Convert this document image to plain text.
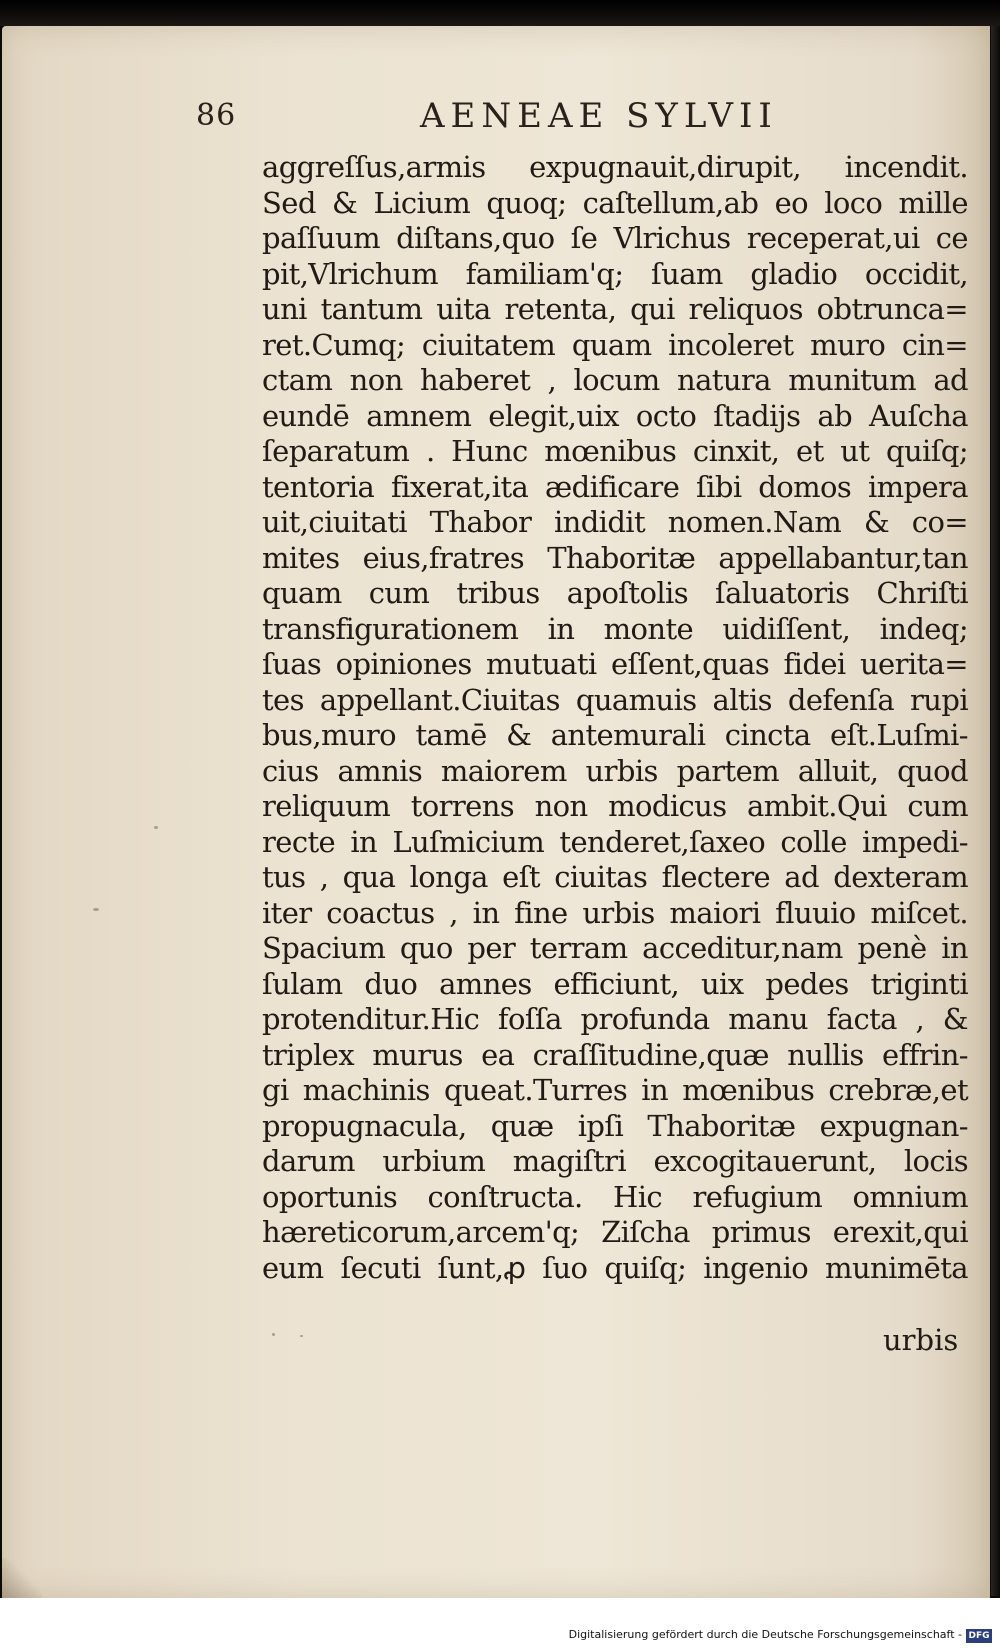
86	AENEAE SYLVII
aggreſſus,armis expugnauit,dirupit, incendit.
Sed & Licium quoq; caſtellum,ab eo loco mille
paſſuum diſtans,quo ſe Vlrichus receperat,ui ce
pit,Vlrichum familiam'q; ſuam gladio occidit,
uni tantum uita retenta, qui reliquos obtrunca=
ret.Cumq; ciuitatem quam incoleret muro cin=
ctam non haberet , locum natura munitum ad
eundē amnem elegit,uix octo ſtadijs ab Auſcha
ſeparatum . Hunc mœnibus cinxit, et ut quiſq;
tentoria fixerat,ita ædificare ſibi domos impera
uit,ciuitati Thabor indidit nomen.Nam & co=
mites eius,fratres Thaboritæ appellabantur,tan
quam cum tribus apoſtolis ſaluatoris Chriſti
transfigurationem in monte uidiſſent, indeq;
ſuas opiniones mutuati eſſent,quas fidei uerita=
tes appellant.Ciuitas quamuis altis defenſa rupi
bus,muro tamē & antemurali cincta eſt.Luſmi-
cius amnis maiorem urbis partem alluit, quod
reliquum torrens non modicus ambit.Qui cum
recte in Luſmicium tenderet,ſaxeo colle impedi-
tus , qua longa eſt ciuitas flectere ad dexteram
iter coactus , in fine urbis maiori fluuio miſcet.
Spacium quo per terram acceditur,nam penè in
ſulam duo amnes efficiunt, uix pedes triginti
protenditur.Hic foſſa profunda manu facta , &
triplex murus ea craſſitudine,quæ nullis effrin-
gi machinis queat.Turres in mœnibus crebræ,et
propugnacula, quæ ipſi Thaboritæ expugnan-
darum urbium magiſtri excogitauerunt, locis
oportunis conſtructa. Hic refugium omnium
hæreticorum,arcem'q; Ziſcha primus erexit,qui
eum ſecuti ſunt,ꝓ ſuo quiſq; ingenio munimēta
urbis
Digitalisierung gefördert durch die Deutsche Forschungsgemeinschaft - DFG
